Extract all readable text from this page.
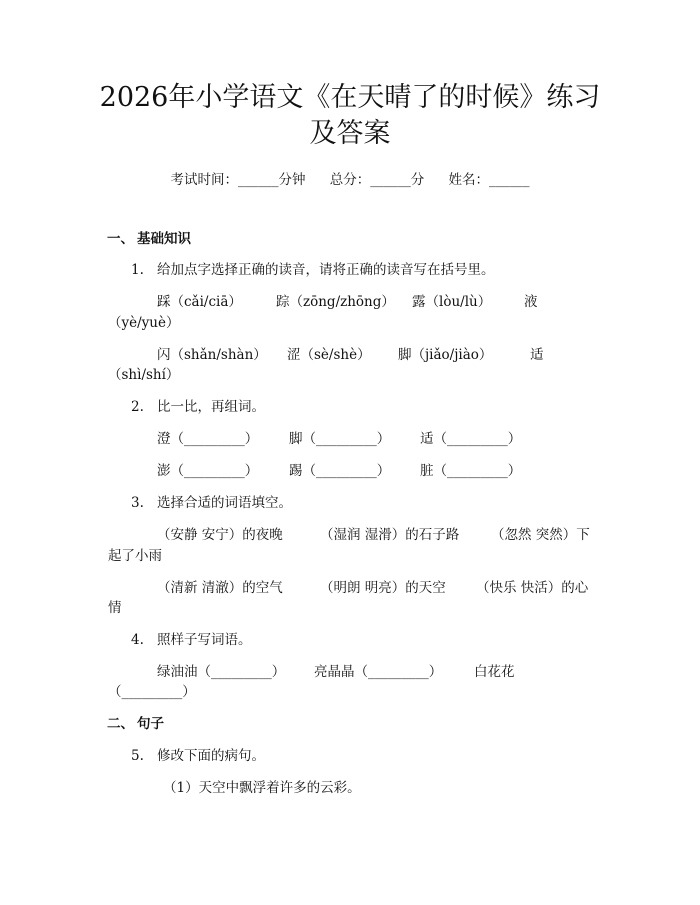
2026年小学语文《在天晴了的时候》练习及答案
考试时间：______分钟 总分：______分 姓名：______
一、 基础知识
1. 给加点字选择正确的读音，请将正确的读音写在括号里。
踩（cǎi/ciā）	踪（zōng/zhōng） 露（lòu/lù） 液
（yè/yuè）
闪（shǎn/shàn） 涩（sè/shè） 脚（jiǎo/jiào）	适
（shì/shí）
2. 比一比，再组词。
澄（_________） 脚（_________） 适（_________）
澎（_________） 踢（_________） 脏（_________）
3. 选择合适的词语填空。
（安静 安宁）的夜晚	（湿润 湿滑）的石子路 （忽然 突然）下
起了小雨
（清新 清澈）的空气	（明朗 明亮）的天空 （快乐 快活）的心
情
4. 照样子写词语。
绿油油（_________） 亮晶晶（_________） 白花花
（_________）
二、 句子
5. 修改下面的病句。
（1）天空中飘浮着许多的云彩。
